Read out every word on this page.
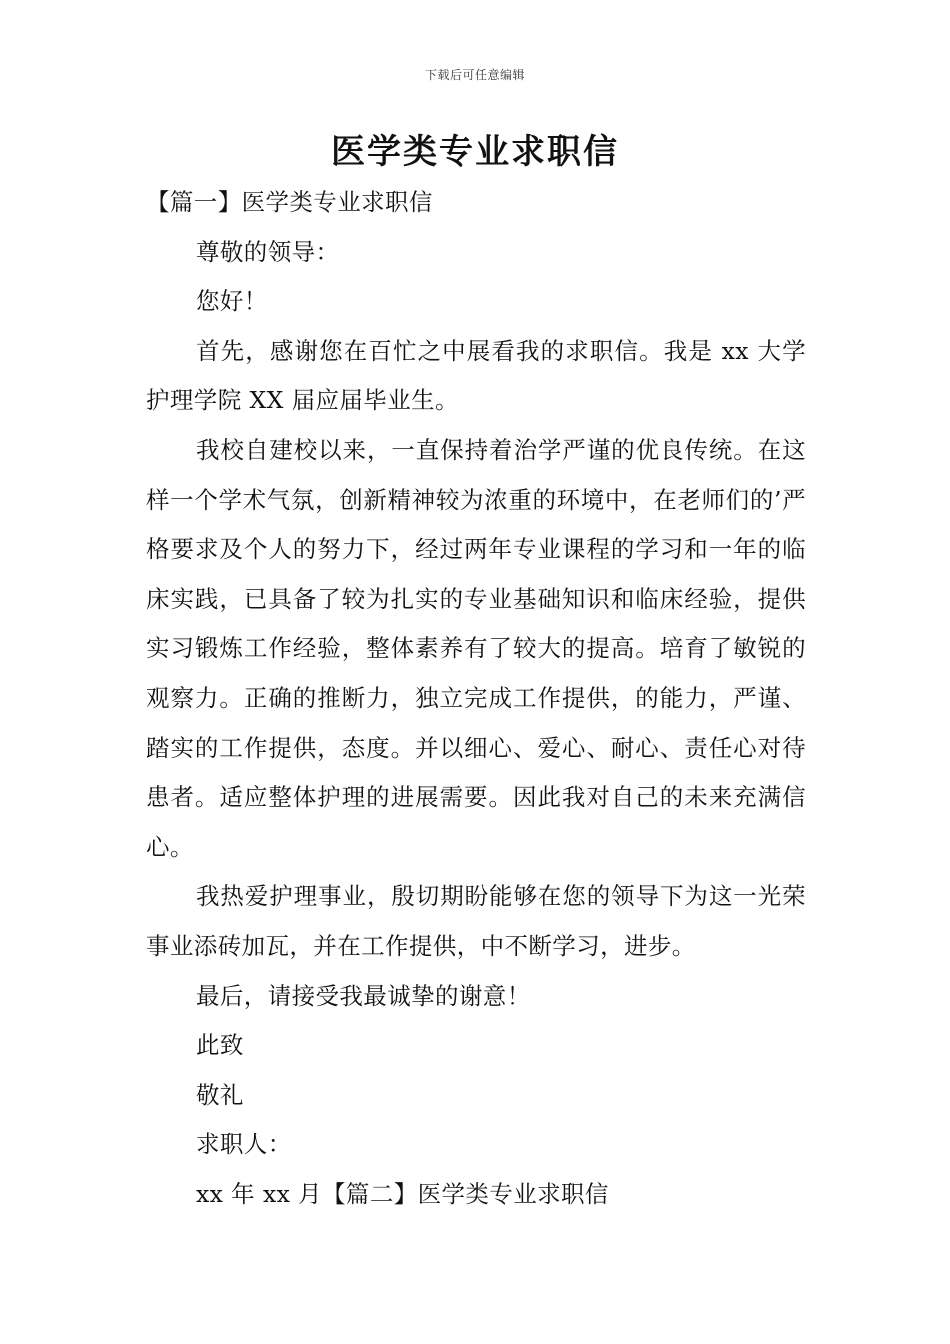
下载后可任意编辑
医学类专业求职信

【篇一】医学类专业求职信

尊敬的领导：

您好！

首先，感谢您在百忙之中展看我的求职信。我是 xx 大学护理学院 XX 届应届毕业生。

我校自建校以来，一直保持着治学严谨的优良传统。在这样一个学术气氛，创新精神较为浓重的环境中，在老师们的’严格要求及个人的努力下，经过两年专业课程的学习和一年的临床实践，已具备了较为扎实的专业基础知识和临床经验，提供实习锻炼工作经验，整体素养有了较大的提高。培育了敏锐的观察力。正确的推断力，独立完成工作提供，的能力，严谨、踏实的工作提供，态度。并以细心、爱心、耐心、责任心对待患者。适应整体护理的进展需要。因此我对自己的未来充满信心。

我热爱护理事业，殷切期盼能够在您的领导下为这一光荣事业添砖加瓦，并在工作提供，中不断学习，进步。

最后，请接受我最诚挚的谢意！

此致

敬礼

求职人：

xx 年 xx 月【篇二】医学类专业求职信
